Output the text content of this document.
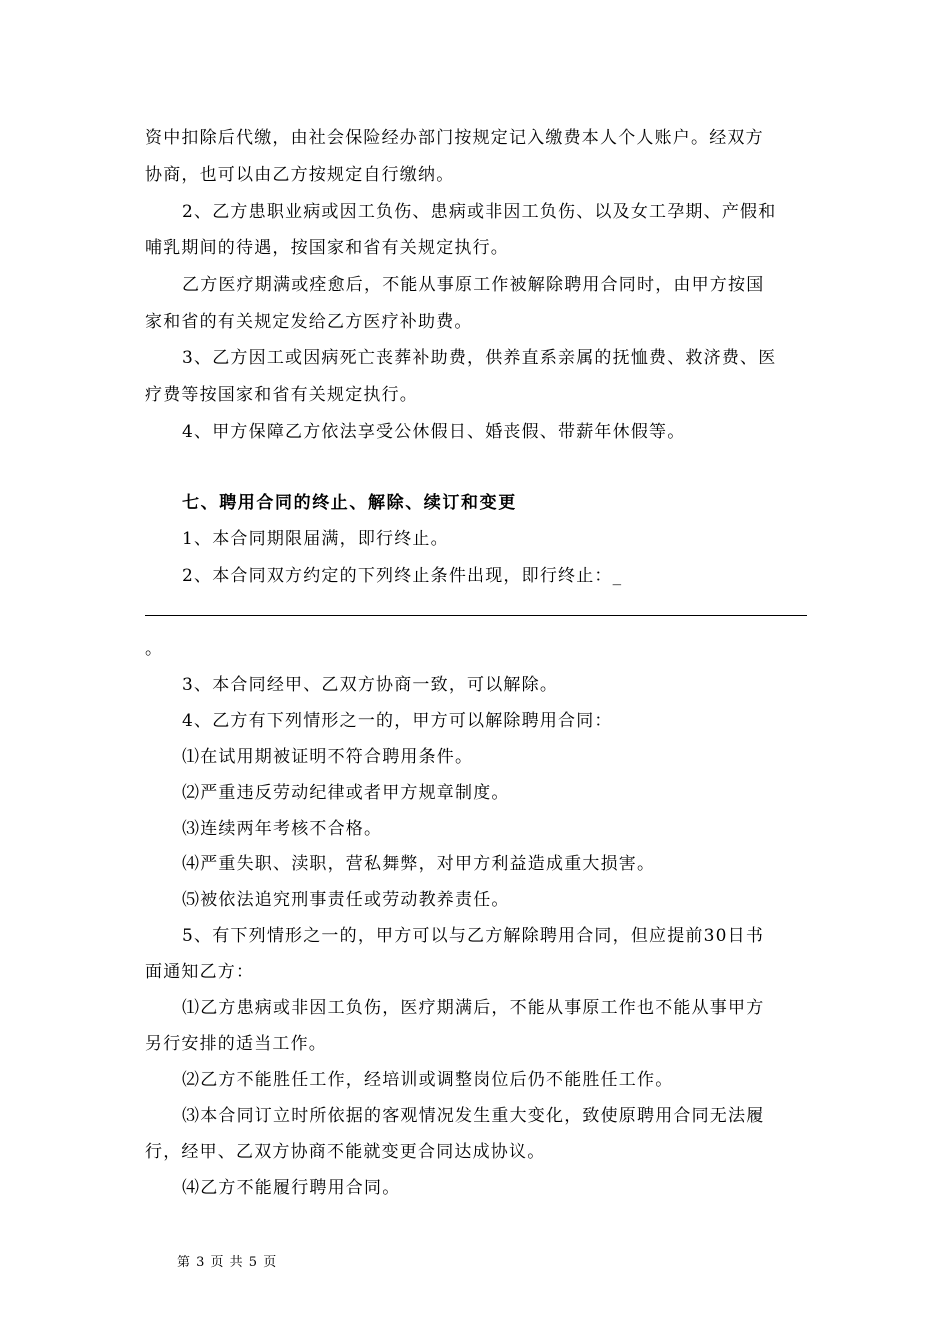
资中扣除后代缴，由社会保险经办部门按规定记入缴费本人个人账户。经双方
协商，也可以由乙方按规定自行缴纳。
2、乙方患职业病或因工负伤、患病或非因工负伤、以及女工孕期、产假和
哺乳期间的待遇，按国家和省有关规定执行。
乙方医疗期满或痊愈后，不能从事原工作被解除聘用合同时，由甲方按国
家和省的有关规定发给乙方医疗补助费。
3、乙方因工或因病死亡丧葬补助费，供养直系亲属的抚恤费、救济费、医
疗费等按国家和省有关规定执行。
4、甲方保障乙方依法享受公休假日、婚丧假、带薪年休假等。
七、聘用合同的终止、解除、续订和变更
1、本合同期限届满，即行终止。
2、本合同双方约定的下列终止条件出现，即行终止：_
。
3、本合同经甲、乙双方协商一致，可以解除。
4、乙方有下列情形之一的，甲方可以解除聘用合同：
⑴在试用期被证明不符合聘用条件。
⑵严重违反劳动纪律或者甲方规章制度。
⑶连续两年考核不合格。
⑷严重失职、渎职，营私舞弊，对甲方利益造成重大损害。
⑸被依法追究刑事责任或劳动教养责任。
5、有下列情形之一的，甲方可以与乙方解除聘用合同，但应提前30日书
面通知乙方：
⑴乙方患病或非因工负伤，医疗期满后，不能从事原工作也不能从事甲方
另行安排的适当工作。
⑵乙方不能胜任工作，经培训或调整岗位后仍不能胜任工作。
⑶本合同订立时所依据的客观情况发生重大变化，致使原聘用合同无法履
行，经甲、乙双方协商不能就变更合同达成协议。
⑷乙方不能履行聘用合同。
第 3 页 共 5 页
